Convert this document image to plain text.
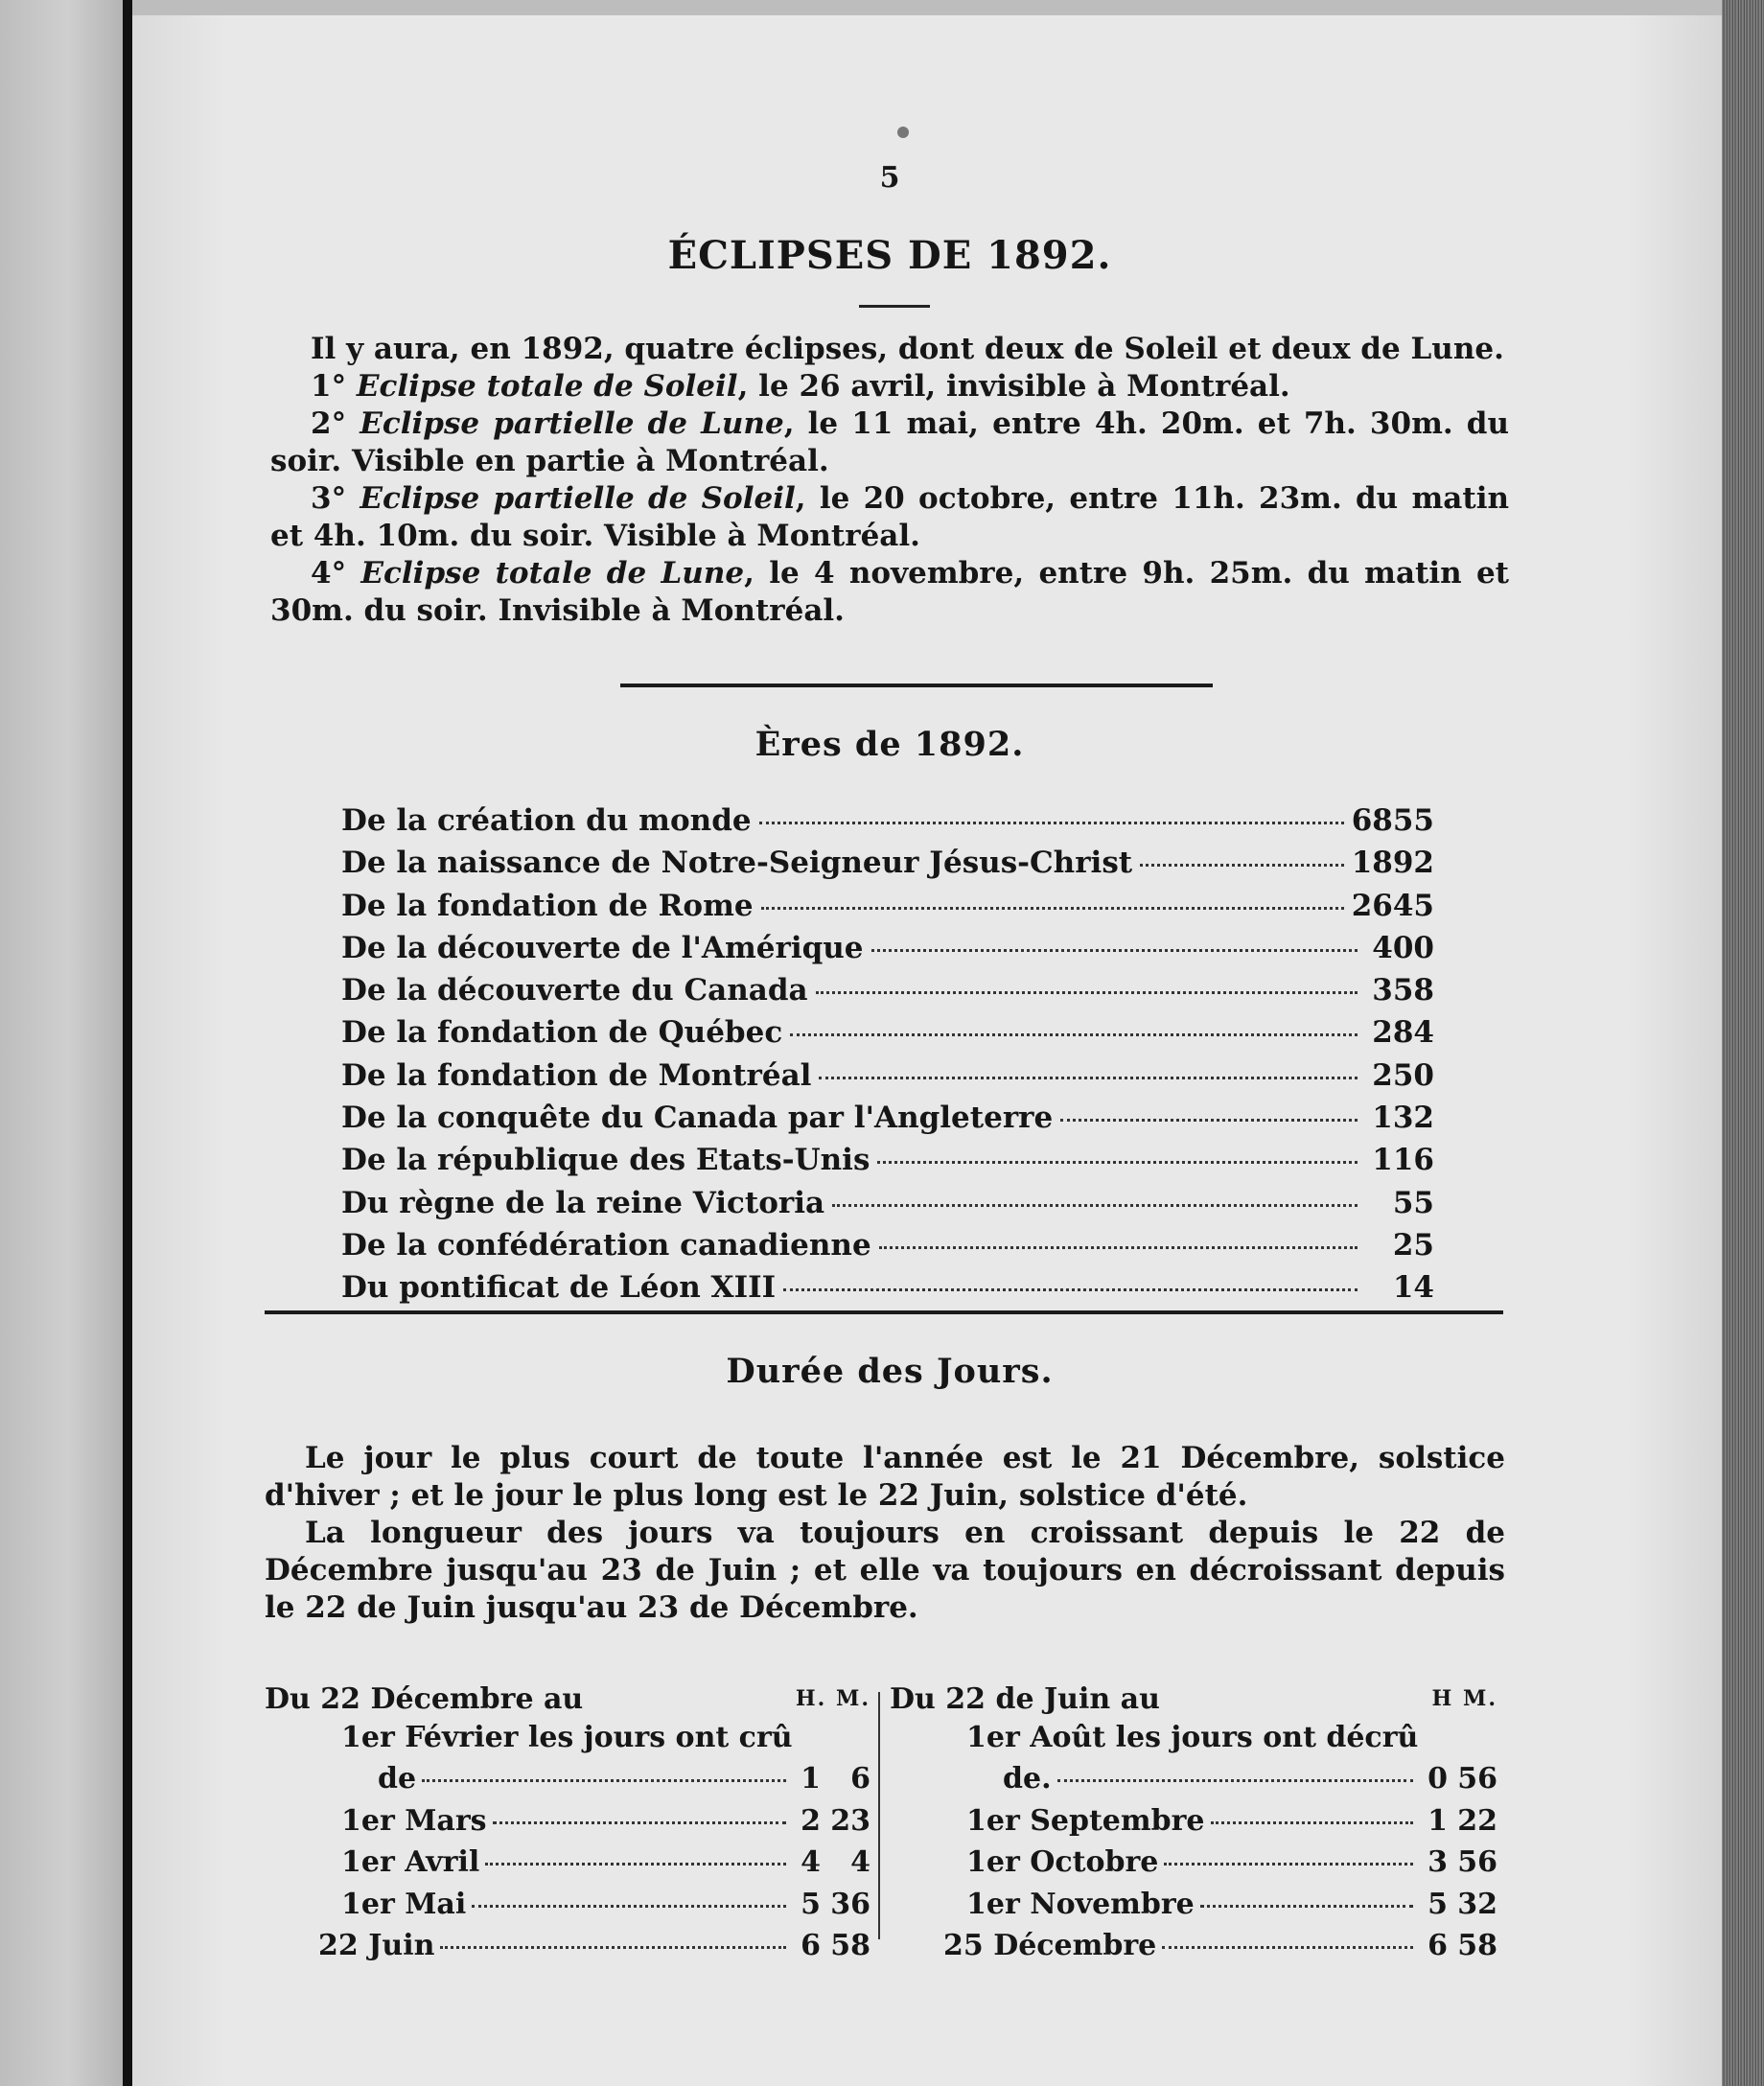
5
ÉCLIPSES DE 1892.

Il y aura, en 1892, quatre éclipses, dont deux de Soleil et deux de Lune.

1° Eclipse totale de Soleil, le 26 avril, invisible à Montréal.

2° Eclipse partielle de Lune, le 11 mai, entre 4h. 20m. et 7h. 30m. du soir. Visible en partie à Montréal.

3° Eclipse partielle de Soleil, le 20 octobre, entre 11h. 23m. du matin et 4h. 10m. du soir. Visible à Montréal.

4° Eclipse totale de Lune, le 4 novembre, entre 9h. 25m. du matin et 30m. du soir. Invisible à Montréal.

Ères de 1892.
De la création du monde	6855
De la naissance de Notre-Seigneur Jésus-Christ	1892
De la fondation de Rome	2645
De la découverte de l'Amérique	400
De la découverte du Canada	358
De la fondation de Québec	284
De la fondation de Montréal	250
De la conquête du Canada par l'Angleterre	132
De la république des Etats-Unis	116
Du règne de la reine Victoria	55
De la confédération canadienne	25
Du pontificat de Léon XIII	14
Durée des Jours.

Le jour le plus court de toute l'année est le 21 Décembre, solstice d'hiver ; et le jour le plus long est le 22 Juin, solstice d'été.

La longueur des jours va toujours en croissant depuis le 22 de Décembre jusqu'au 23 de Juin ; et elle va toujours en décroissant depuis le 22 de Juin jusqu'au 23 de Décembre.

Du 22 Décembre au	H. M.
1er Février les jours ont crû
de	1	6
1er Mars	2 23
1er Avril	4	4
1er Mai	5 36
22 Juin	6 58
Du 22 de Juin au	H M.
1er Août les jours ont décrû
de.	0 56
1er Septembre	1 22
1er Octobre	3 56
1er Novembre	5 32
25 Décembre	6 58
